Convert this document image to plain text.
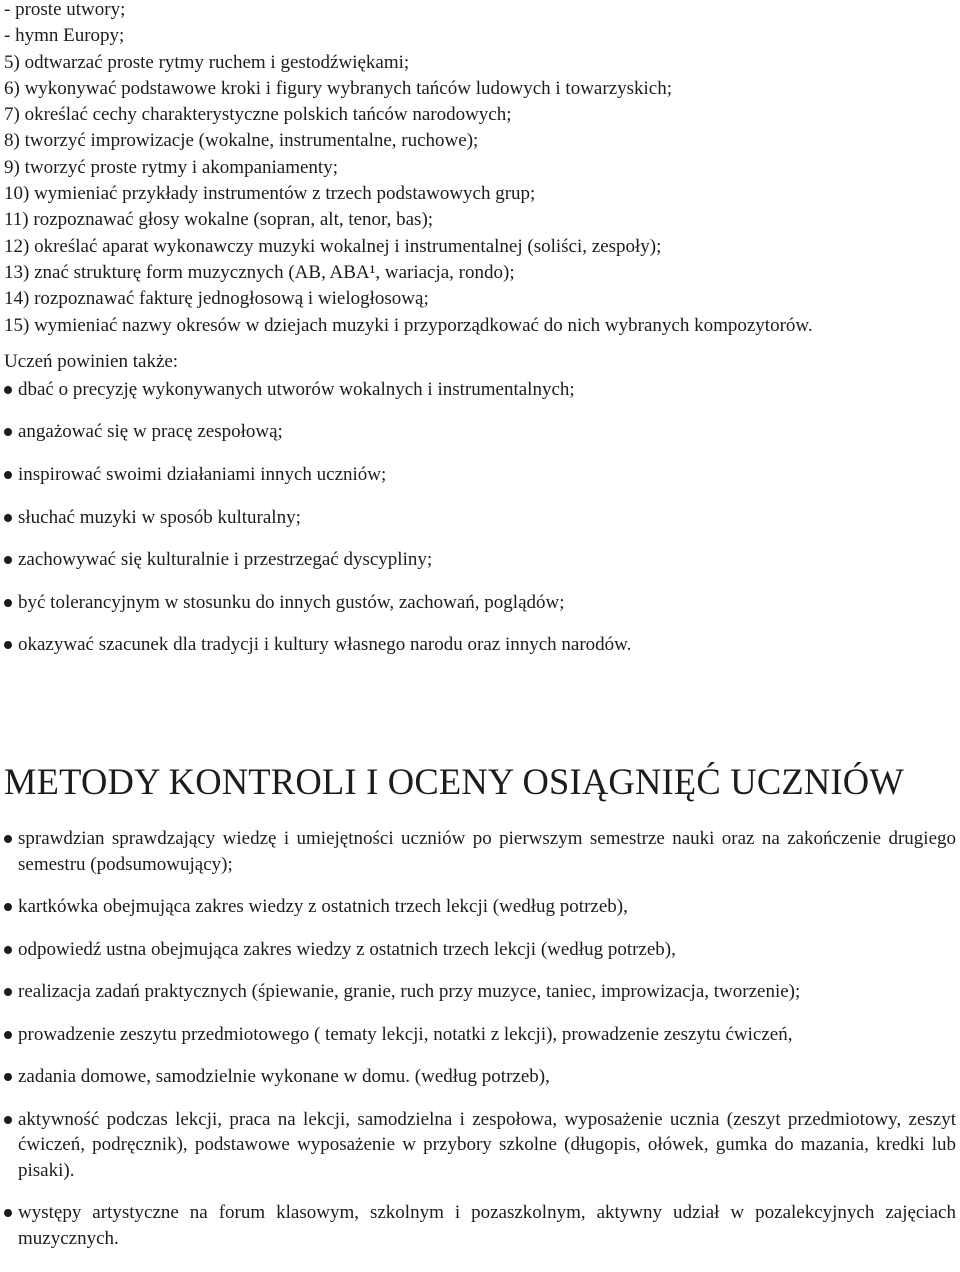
- proste utwory;
- hymn Europy;
5) odtwarzać proste rytmy ruchem i gestodźwiękami;
6) wykonywać podstawowe kroki i figury wybranych tańców ludowych i towarzyskich;
7) określać cechy charakterystyczne polskich tańców narodowych;
8) tworzyć improwizacje (wokalne, instrumentalne, ruchowe);
9) tworzyć proste rytmy i akompaniamenty;
10) wymieniać przykłady instrumentów z trzech podstawowych grup;
11) rozpoznawać głosy wokalne (sopran, alt, tenor, bas);
12) określać aparat wykonawczy muzyki wokalnej i instrumentalnej (soliści, zespoły);
13) znać strukturę form muzycznych (AB, ABA¹, wariacja, rondo);
14) rozpoznawać fakturę jednogłosową i wielogłosową;
15) wymieniać nazwy okresów w dziejach muzyki i przyporządkować do nich wybranych kompozytorów.
Uczeń powinien także:
dbać o precyzję wykonywanych utworów wokalnych i instrumentalnych;
angażować się w pracę zespołową;
inspirować swoimi działaniami innych uczniów;
słuchać muzyki w sposób kulturalny;
zachowywać się kulturalnie i przestrzegać dyscypliny;
być tolerancyjnym w stosunku do innych gustów, zachowań, poglądów;
okazywać szacunek dla tradycji i kultury własnego narodu oraz innych narodów.
METODY KONTROLI I OCENY OSIĄGNIĘĆ UCZNIÓW
sprawdzian sprawdzający wiedzę i umiejętności uczniów po pierwszym semestrze nauki oraz na zakończenie drugiego semestru (podsumowujący);
kartkówka obejmująca zakres wiedzy z ostatnich trzech lekcji (według potrzeb),
odpowiedź ustna obejmująca zakres wiedzy z ostatnich trzech lekcji (według potrzeb),
realizacja zadań praktycznych (śpiewanie, granie, ruch przy muzyce, taniec, improwizacja, tworzenie);
prowadzenie zeszytu przedmiotowego ( tematy lekcji, notatki z lekcji), prowadzenie zeszytu ćwiczeń,
zadania domowe, samodzielnie wykonane w domu. (według potrzeb),
aktywność podczas lekcji, praca na lekcji, samodzielna i zespołowa, wyposażenie ucznia (zeszyt przedmiotowy, zeszyt ćwiczeń, podręcznik), podstawowe wyposażenie w przybory szkolne (długopis, ołówek, gumka do mazania, kredki lub pisaki).
występy artystyczne na forum klasowym, szkolnym i pozaszkolnym, aktywny udział w pozalekcyjnych zajęciach muzycznych.
